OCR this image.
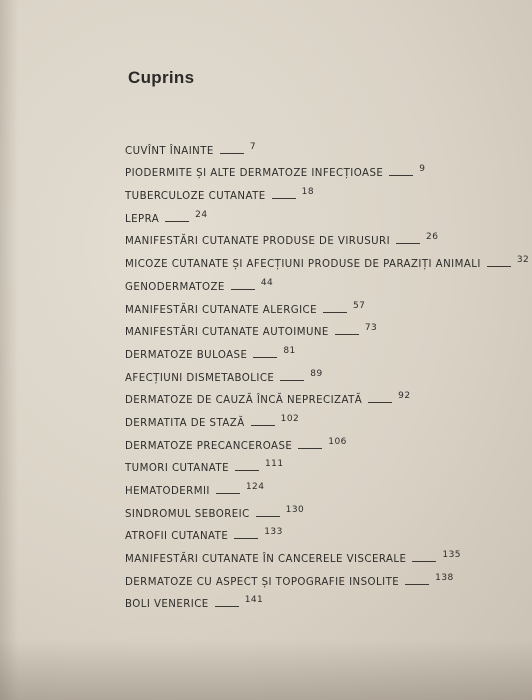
Cuprins
CUVÎNT ÎNAINTE	7
PIODERMITE ȘI ALTE DERMATOZE INFECȚIOASE	9
TUBERCULOZE CUTANATE	18
LEPRA	24
MANIFESTĂRI CUTANATE PRODUSE DE VIRUSURI	26
MICOZE CUTANATE ȘI AFECȚIUNI PRODUSE DE PARAZIȚI ANIMALI	32
GENODERMATOZE	44
MANIFESTĂRI CUTANATE ALERGICE	57
MANIFESTĂRI CUTANATE AUTOIMUNE	73
DERMATOZE BULOASE	81
AFECȚIUNI DISMETABOLICE	89
DERMATOZE DE CAUZĂ ÎNCĂ NEPRECIZATĂ	92
DERMATITA DE STAZĂ	102
DERMATOZE PRECANCEROASE	106
TUMORI CUTANATE	111
HEMATODERMII	124
SINDROMUL SEBOREIC	130
ATROFII CUTANATE	133
MANIFESTĂRI CUTANATE ÎN CANCERELE VISCERALE	135
DERMATOZE CU ASPECT ȘI TOPOGRAFIE INSOLITE	138
BOLI VENERICE	141
